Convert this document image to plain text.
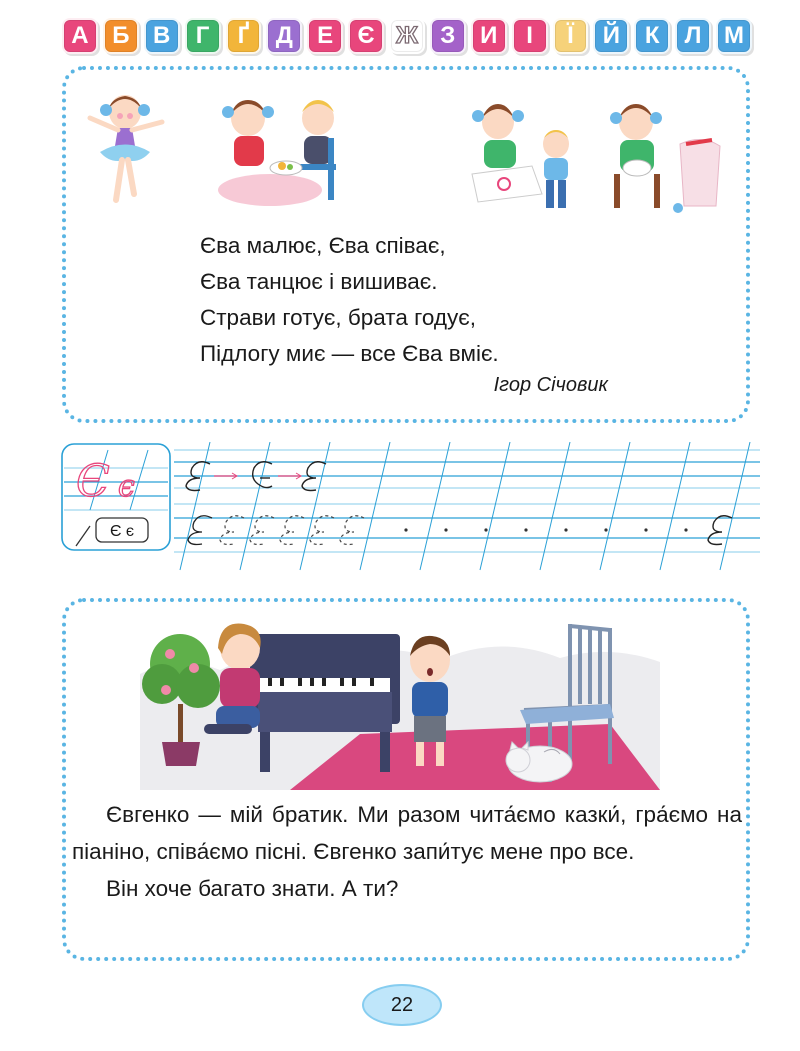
А Б В	Г	Ґ	Д	Е	Є Ж З	И	І	Ї	Й	К	Л М
Єва малює, Єва співає,
Єва танцює і вишиває.
Страви готує, брата годує,
Підлогу миє — все Єва вміє.
Ігор Січовик
Є є
Є є

Євгенко — мій братик. Ми разом чита́ємо казки́, гра́ємо на піаніно, співа́ємо пісні. Євгенко запи́тує мене про все.

Він хоче багато знати. А ти?

22
